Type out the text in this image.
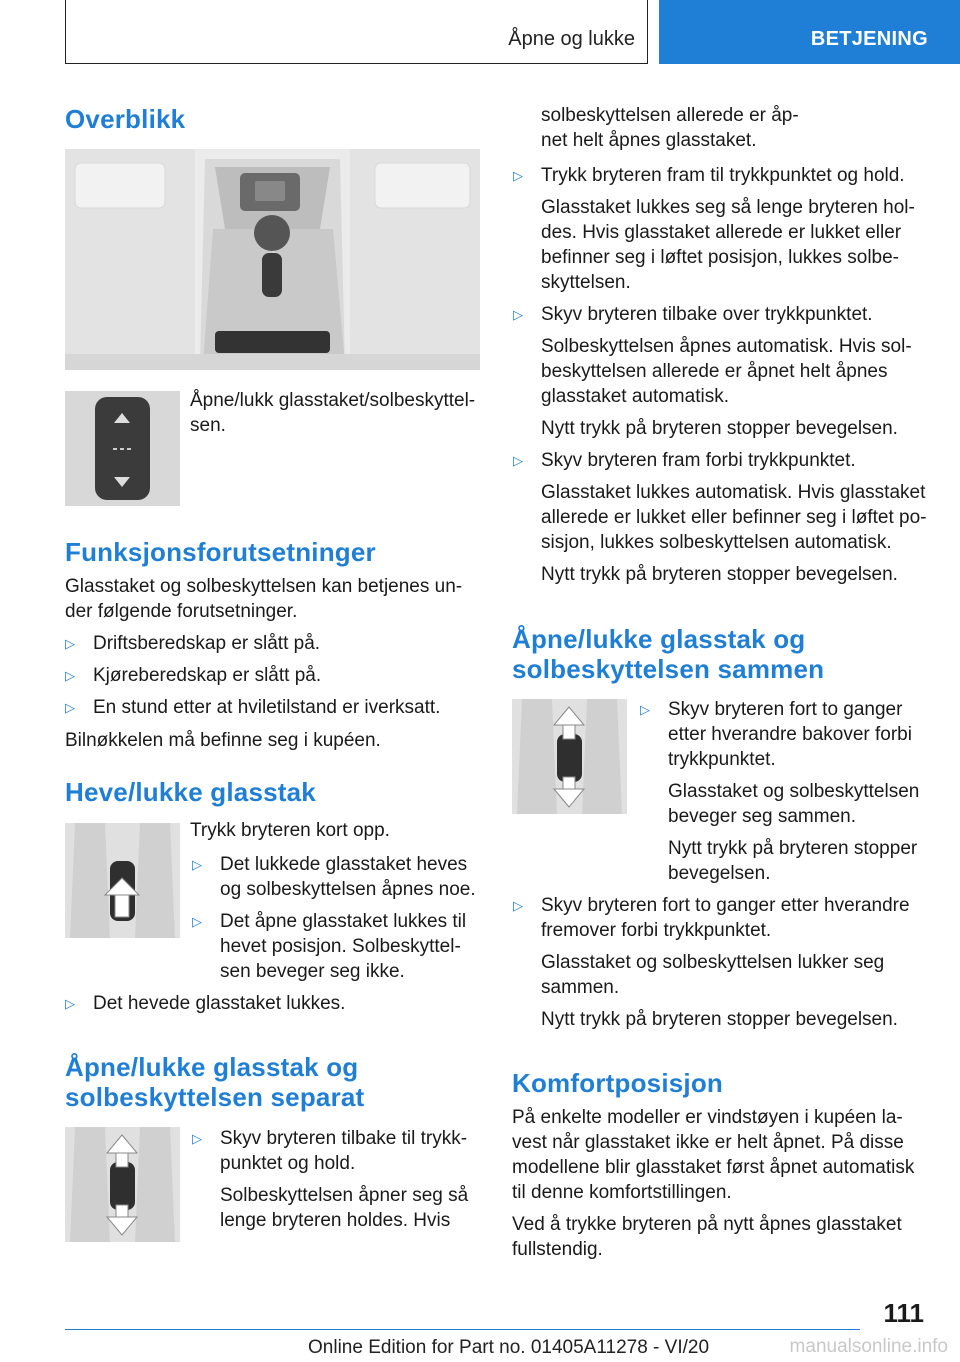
Åpne og lukke	BETJENING
Overblikk
Åpne/lukk glasstaket/solbeskyttel-
sen.
Funksjonsforutsetninger
Glasstaket og solbeskyttelsen kan betjenes un-
der følgende forutsetninger.
▷ Driftsberedskap er slått på.
▷ Kjøreberedskap er slått på.
▷ En stund etter at hviletilstand er iverksatt.
Bilnøkkelen må befinne seg i kupéen.
Heve/lukke glasstak
Trykk bryteren kort opp.
▷ Det lukkede glasstaket heves
og solbeskyttelsen åpnes noe.
▷ Det åpne glasstaket lukkes til
hevet posisjon. Solbeskyttel-
sen beveger seg ikke.
▷ Det hevede glasstaket lukkes.
Åpne/lukke glasstak og
solbeskyttelsen separat
▷ Skyv bryteren tilbake til trykk-
punktet og hold.
Solbeskyttelsen åpner seg så
lenge bryteren holdes. Hvis
solbeskyttelsen allerede er åp-
net helt åpnes glasstaket.
▷ Trykk bryteren fram til trykkpunktet og hold.
Glasstaket lukkes seg så lenge bryteren hol-
des. Hvis glasstaket allerede er lukket eller
befinner seg i løftet posisjon, lukkes solbe-
skyttelsen.
▷ Skyv bryteren tilbake over trykkpunktet.
Solbeskyttelsen åpnes automatisk. Hvis sol-
beskyttelsen allerede er åpnet helt åpnes
glasstaket automatisk.
Nytt trykk på bryteren stopper bevegelsen.
▷ Skyv bryteren fram forbi trykkpunktet.
Glasstaket lukkes automatisk. Hvis glasstaket
allerede er lukket eller befinner seg i løftet po-
sisjon, lukkes solbeskyttelsen automatisk.
Nytt trykk på bryteren stopper bevegelsen.
Åpne/lukke glasstak og
solbeskyttelsen sammen
▷ Skyv bryteren fort to ganger
etter hverandre bakover forbi
trykkpunktet.
Glasstaket og solbeskyttelsen
beveger seg sammen.
Nytt trykk på bryteren stopper
bevegelsen.
▷ Skyv bryteren fort to ganger etter hverandre
fremover forbi trykkpunktet.
Glasstaket og solbeskyttelsen lukker seg
sammen.
Nytt trykk på bryteren stopper bevegelsen.
Komfortposisjon
På enkelte modeller er vindstøyen i kupéen la-
vest når glasstaket ikke er helt åpnet. På disse
modellene blir glasstaket først åpnet automatisk
til denne komfortstillingen.
Ved å trykke bryteren på nytt åpnes glasstaket
fullstendig.
111
Online Edition for Part no. 01405A11278 - VI/20	manualsonline.info
